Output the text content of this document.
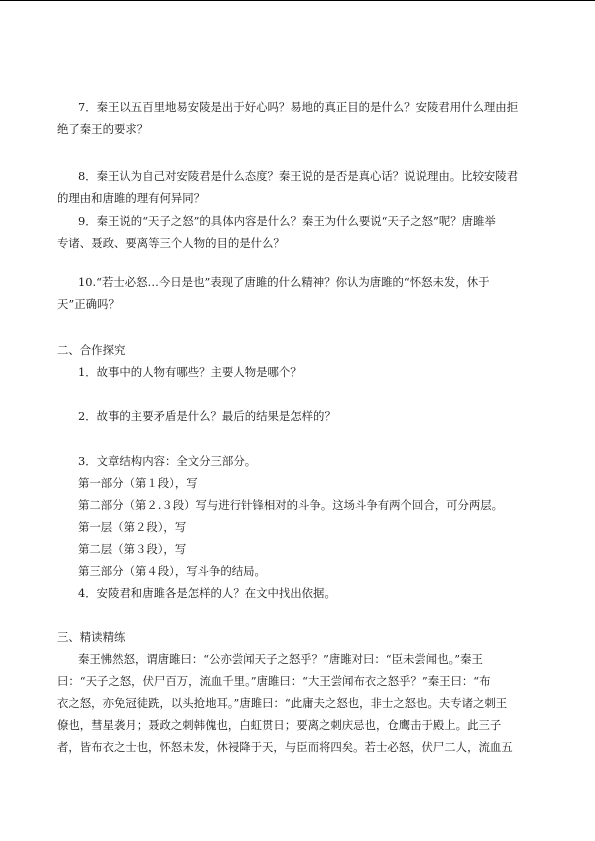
7．秦王以五百里地易安陵是出于好心吗？易地的真正目的是什么？安陵君用什么理由拒
绝了秦王的要求？
8．秦王认为自己对安陵君是什么态度？秦王说的是否是真心话？说说理由。比较安陵君
的理由和唐雎的理有何异同？
9．秦王说的“天子之怒”的具体内容是什么？秦王为什么要说“天子之怒”呢？唐雎举
专诸、聂政、要离等三个人物的目的是什么？
10.“若士必怒…今日是也”表现了唐雎的什么精神？你认为唐雎的“怀怒未发，休于
天”正确吗？
二、合作探究
1．故事中的人物有哪些？主要人物是哪个？
2．故事的主要矛盾是什么？最后的结果是怎样的？
3．文章结构内容：全文分三部分。
第一部分（第１段），写
第二部分（第２.３段）写与进行针锋相对的斗争。这场斗争有两个回合，可分两层。
第一层（第２段），写
第二层（第３段），写
第三部分（第４段），写斗争的结局。
4．安陵君和唐雎各是怎样的人？在文中找出依据。
三、精读精练
秦王怫然怒，谓唐雎曰：“公亦尝闻天子之怒乎？”唐雎对曰：“臣未尝闻也。”秦王
曰：“天子之怒，伏尸百万，流血千里。”唐雎曰：“大王尝闻布衣之怒乎？”秦王曰：“布
衣之怒，亦免冠徒跣，以头抢地耳。”唐雎曰：“此庸夫之怒也，非士之怒也。夫专诸之刺王
僚也，彗星袭月；聂政之刺韩傀也，白虹贯日；要离之刺庆忌也，仓鹰击于殿上。此三子
者，皆布衣之士也，怀怒未发，休祲降于天，与臣而将四矣。若士必怒，伏尸二人，流血五
